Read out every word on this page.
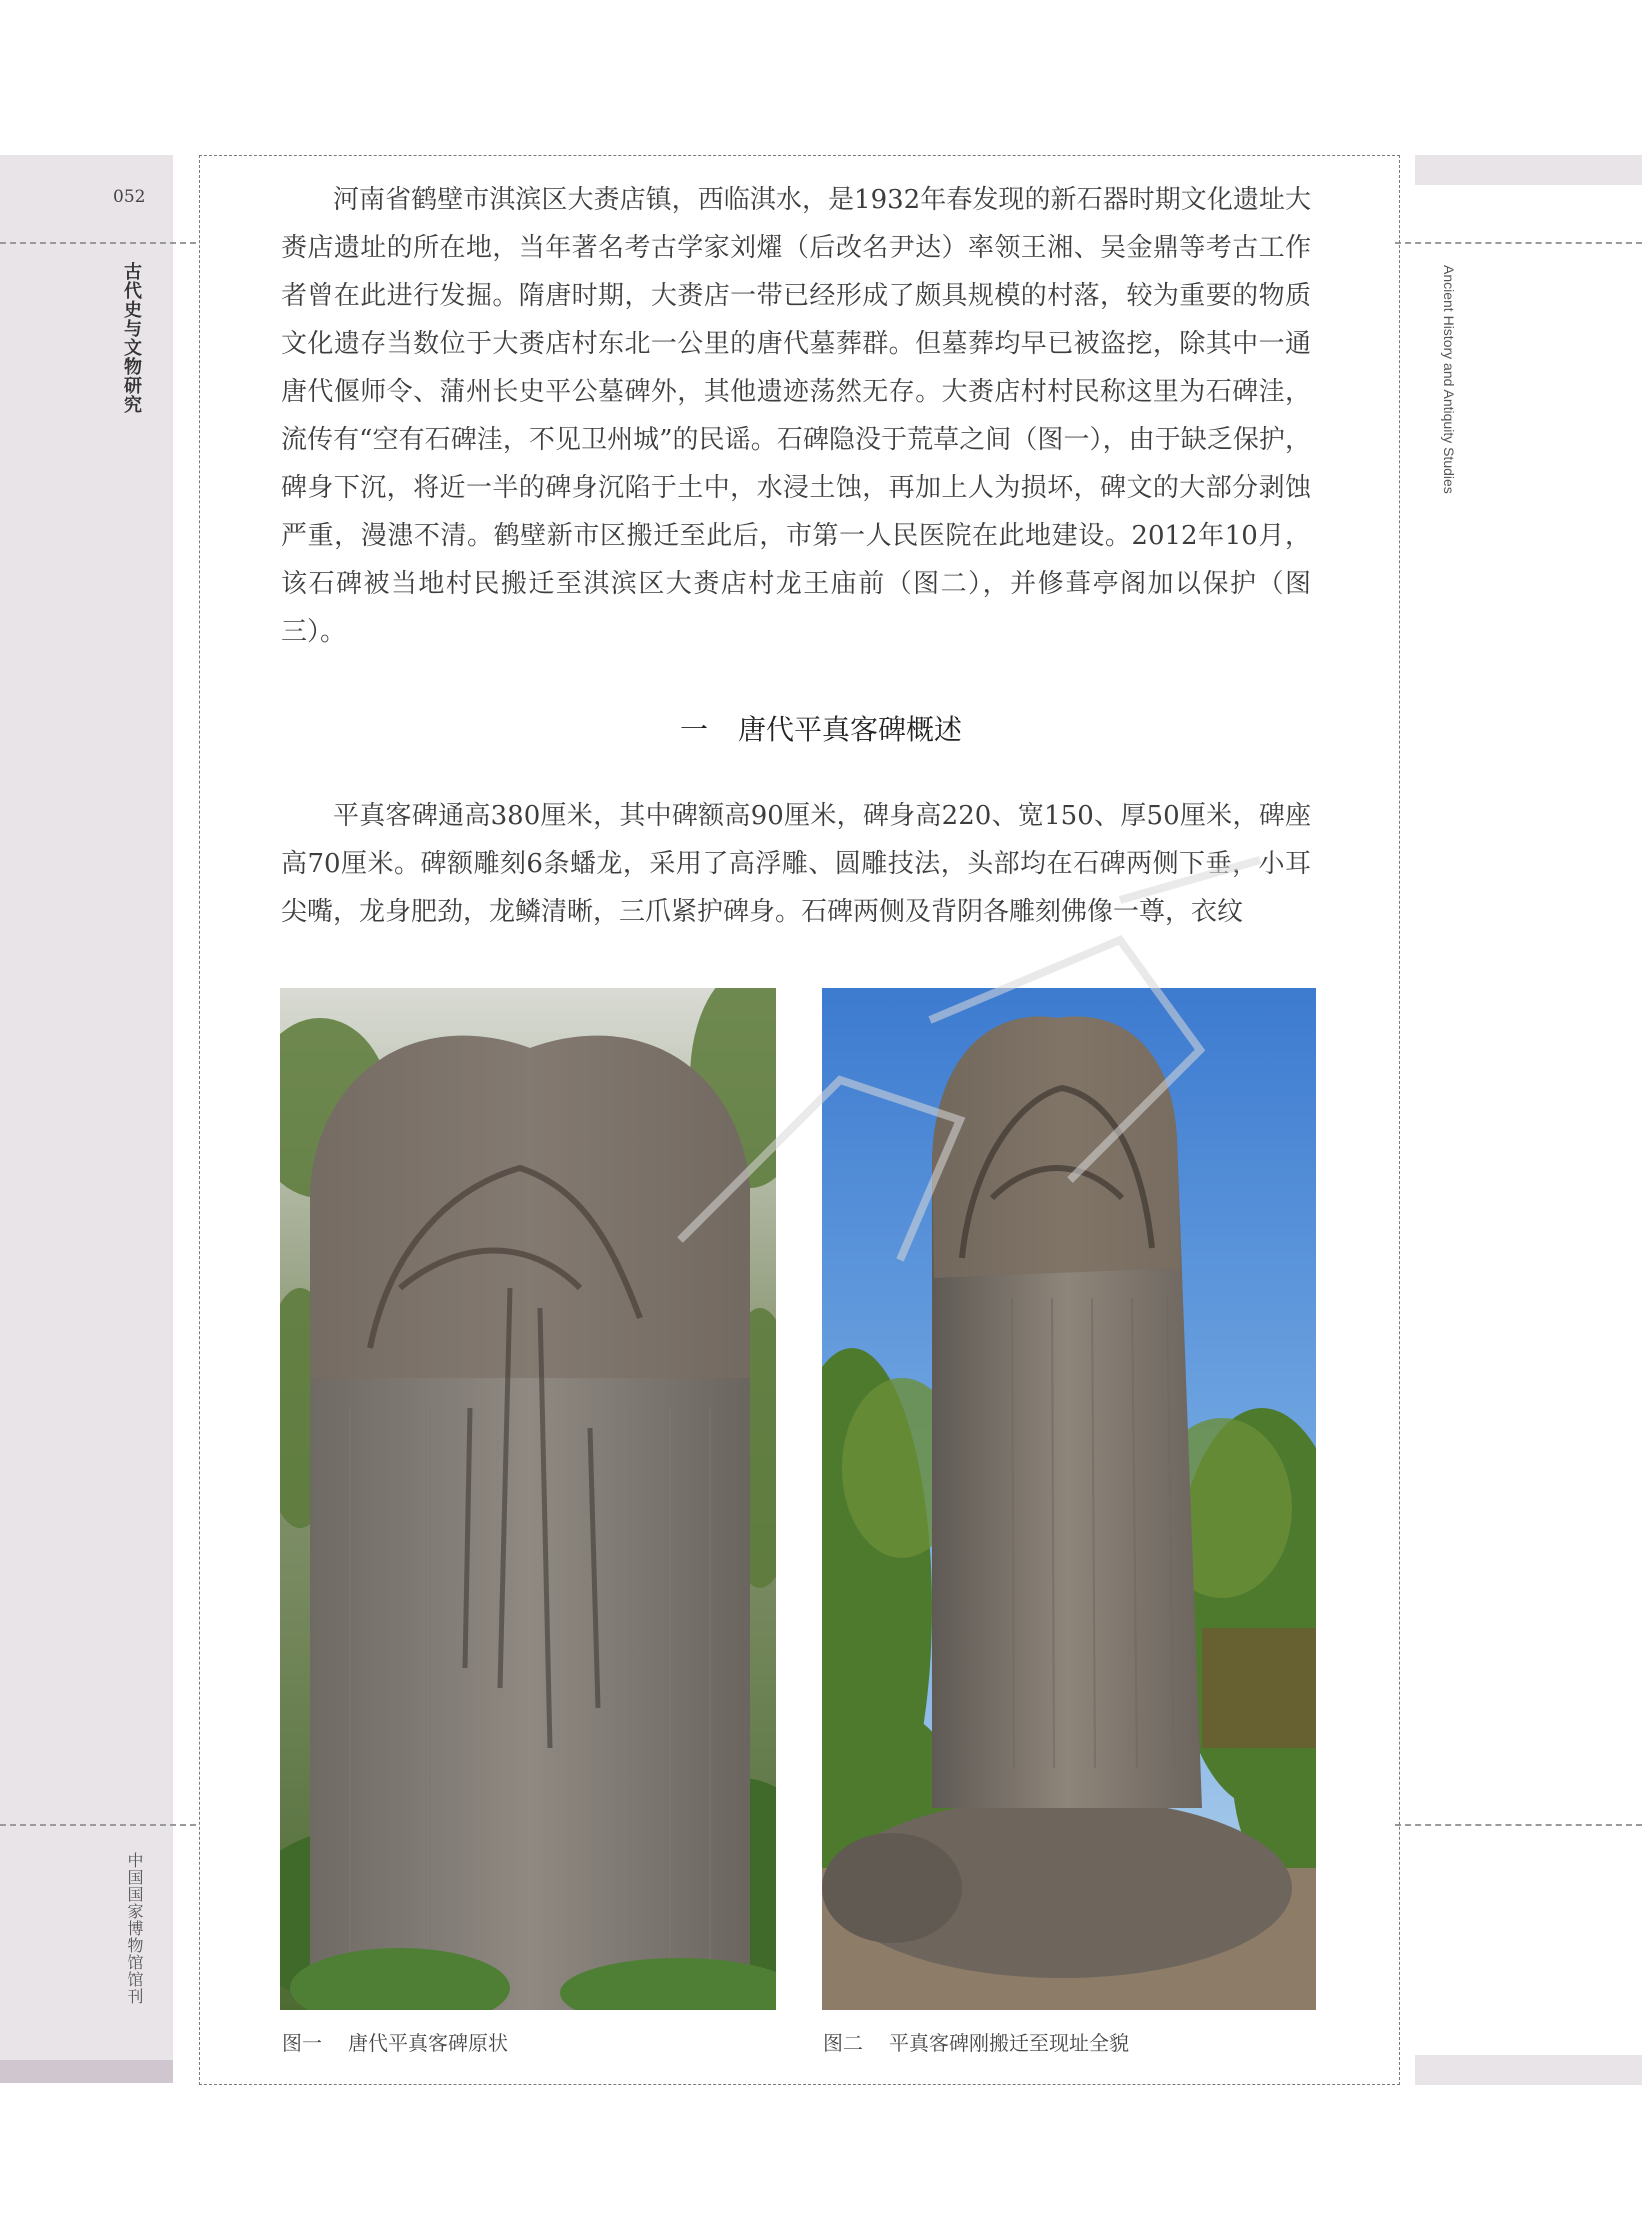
052
古代史与文物研究
中国国家博物馆馆刊
Ancient History and Antiquity Studies

河南省鹤壁市淇滨区大赉店镇，西临淇水，是1932年春发现的新石器时期文化遗址大赉店遗址的所在地，当年著名考古学家刘燿（后改名尹达）率领王湘、吴金鼎等考古工作者曾在此进行发掘。隋唐时期，大赉店一带已经形成了颇具规模的村落，较为重要的物质文化遗存当数位于大赉店村东北一公里的唐代墓葬群。但墓葬均早已被盗挖，除其中一通唐代偃师令、蒲州长史平公墓碑外，其他遗迹荡然无存。大赉店村村民称这里为石碑洼，流传有“空有石碑洼，不见卫州城”的民谣。石碑隐没于荒草之间（图一），由于缺乏保护，碑身下沉，将近一半的碑身沉陷于土中，水浸土蚀，再加上人为损坏，碑文的大部分剥蚀严重，漫漶不清。鹤壁新市区搬迁至此后，市第一人民医院在此地建设。2012年10月，该石碑被当地村民搬迁至淇滨区大赉店村龙王庙前（图二），并修葺亭阁加以保护（图三）。

一 唐代平真客碑概述

平真客碑通高380厘米，其中碑额高90厘米，碑身高220、宽150、厚50厘米，碑座高70厘米。碑额雕刻6条蟠龙，采用了高浮雕、圆雕技法，头部均在石碑两侧下垂，小耳尖嘴，龙身肥劲，龙鳞清晰，三爪紧护碑身。石碑两侧及背阴各雕刻佛像一尊，衣纹

图一 唐代平真客碑原状	图二 平真客碑刚搬迁至现址全貌
